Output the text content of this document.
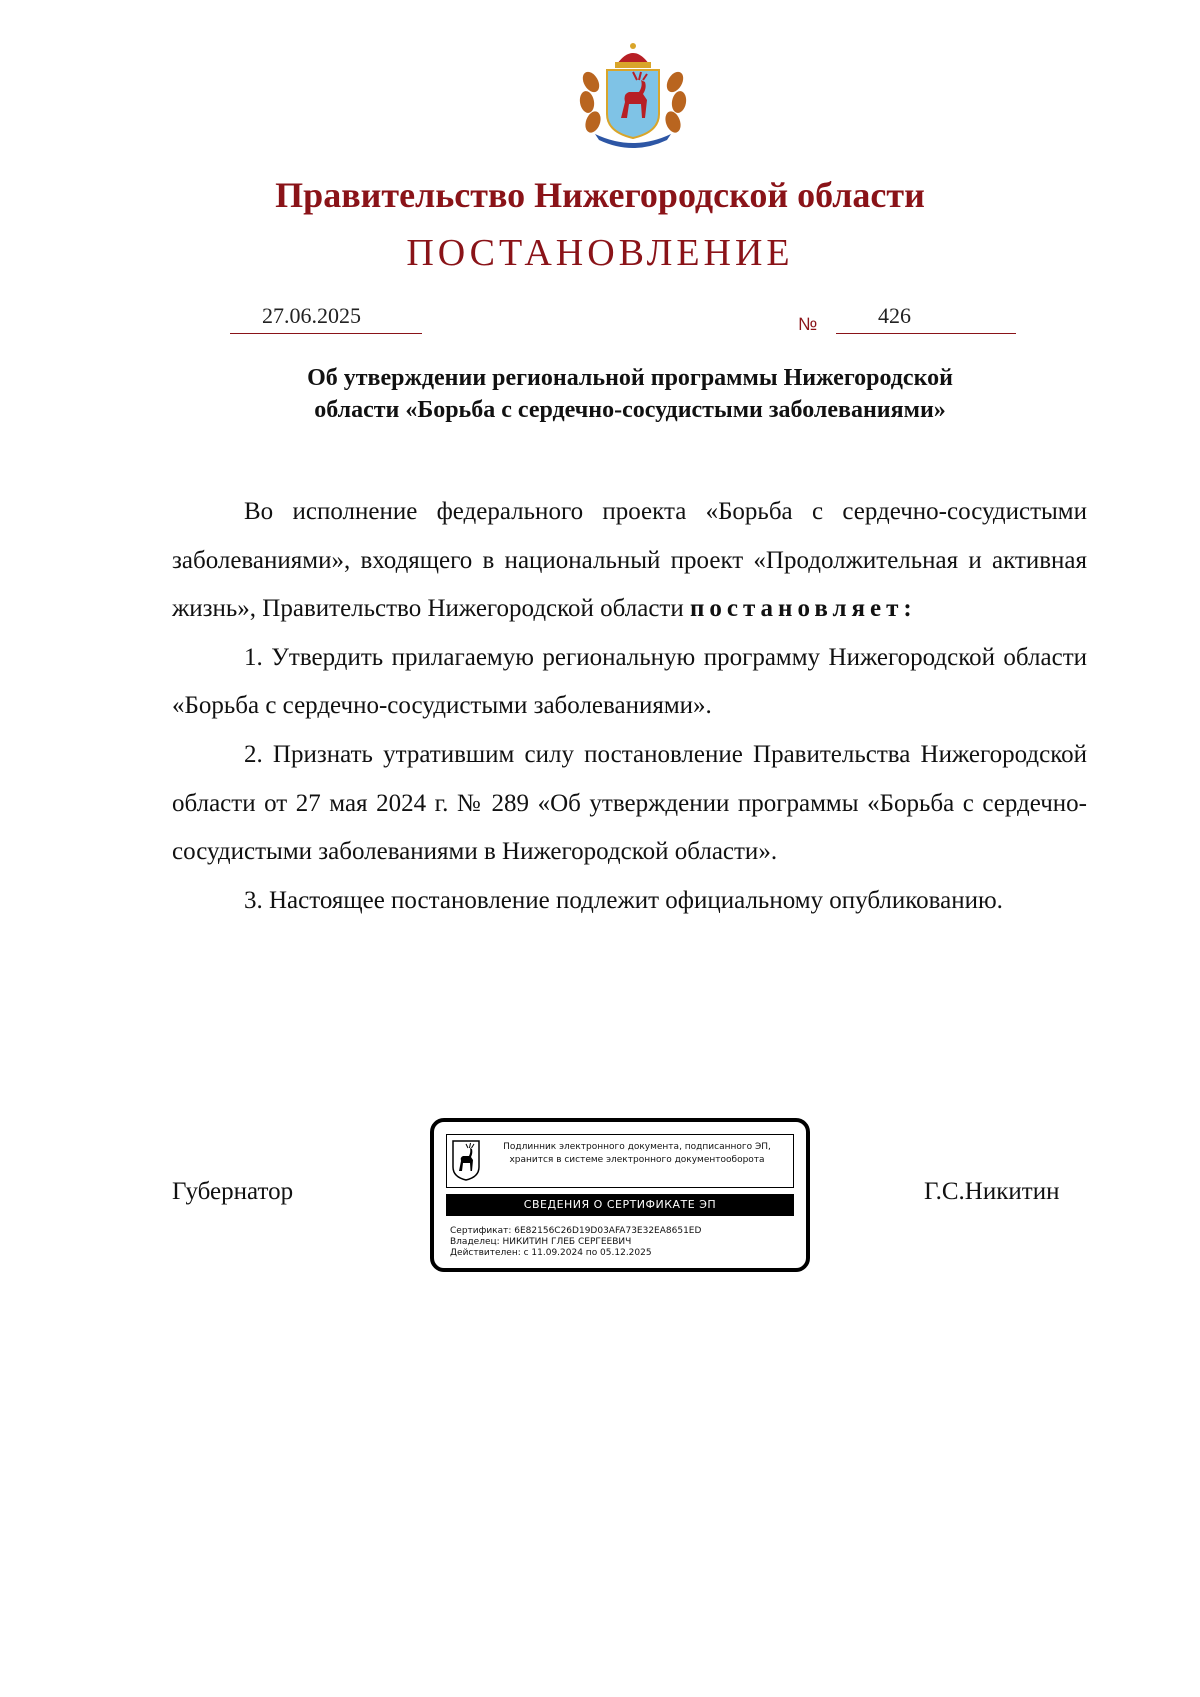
Правительство Нижегородской области
ПОСТАНОВЛЕНИЕ
27.06.2025	№	426
Об утверждении региональной программы Нижегородской
области «Борьба с сердечно-сосудистыми заболеваниями»

Во исполнение федерального проекта «Борьба с сердечно-сосудистыми заболеваниями», входящего в национальный проект «Продолжительная и активная жизнь», Правительство Нижегородской области постановляет:

1. Утвердить прилагаемую региональную программу Нижегородской области «Борьба с сердечно-сосудистыми заболеваниями».

2. Признать утратившим силу постановление Правительства Нижегородской области от 27 мая 2024 г. № 289 «Об утверждении программы «Борьба с сердечно-сосудистыми заболеваниями в Нижегородской области».

3. Настоящее постановление подлежит официальному опубликованию.

Губернатор
Подлинник электронного документа, подписанного ЭП,
хранится в системе электронного документооборота
СВЕДЕНИЯ О СЕРТИФИКАТЕ ЭП
Сертификат: 6E82156C26D19D03AFA73E32EA8651ED
Владелец: НИКИТИН ГЛЕБ СЕРГЕЕВИЧ
Действителен: с 11.09.2024 по 05.12.2025
Г.С.Никитин
